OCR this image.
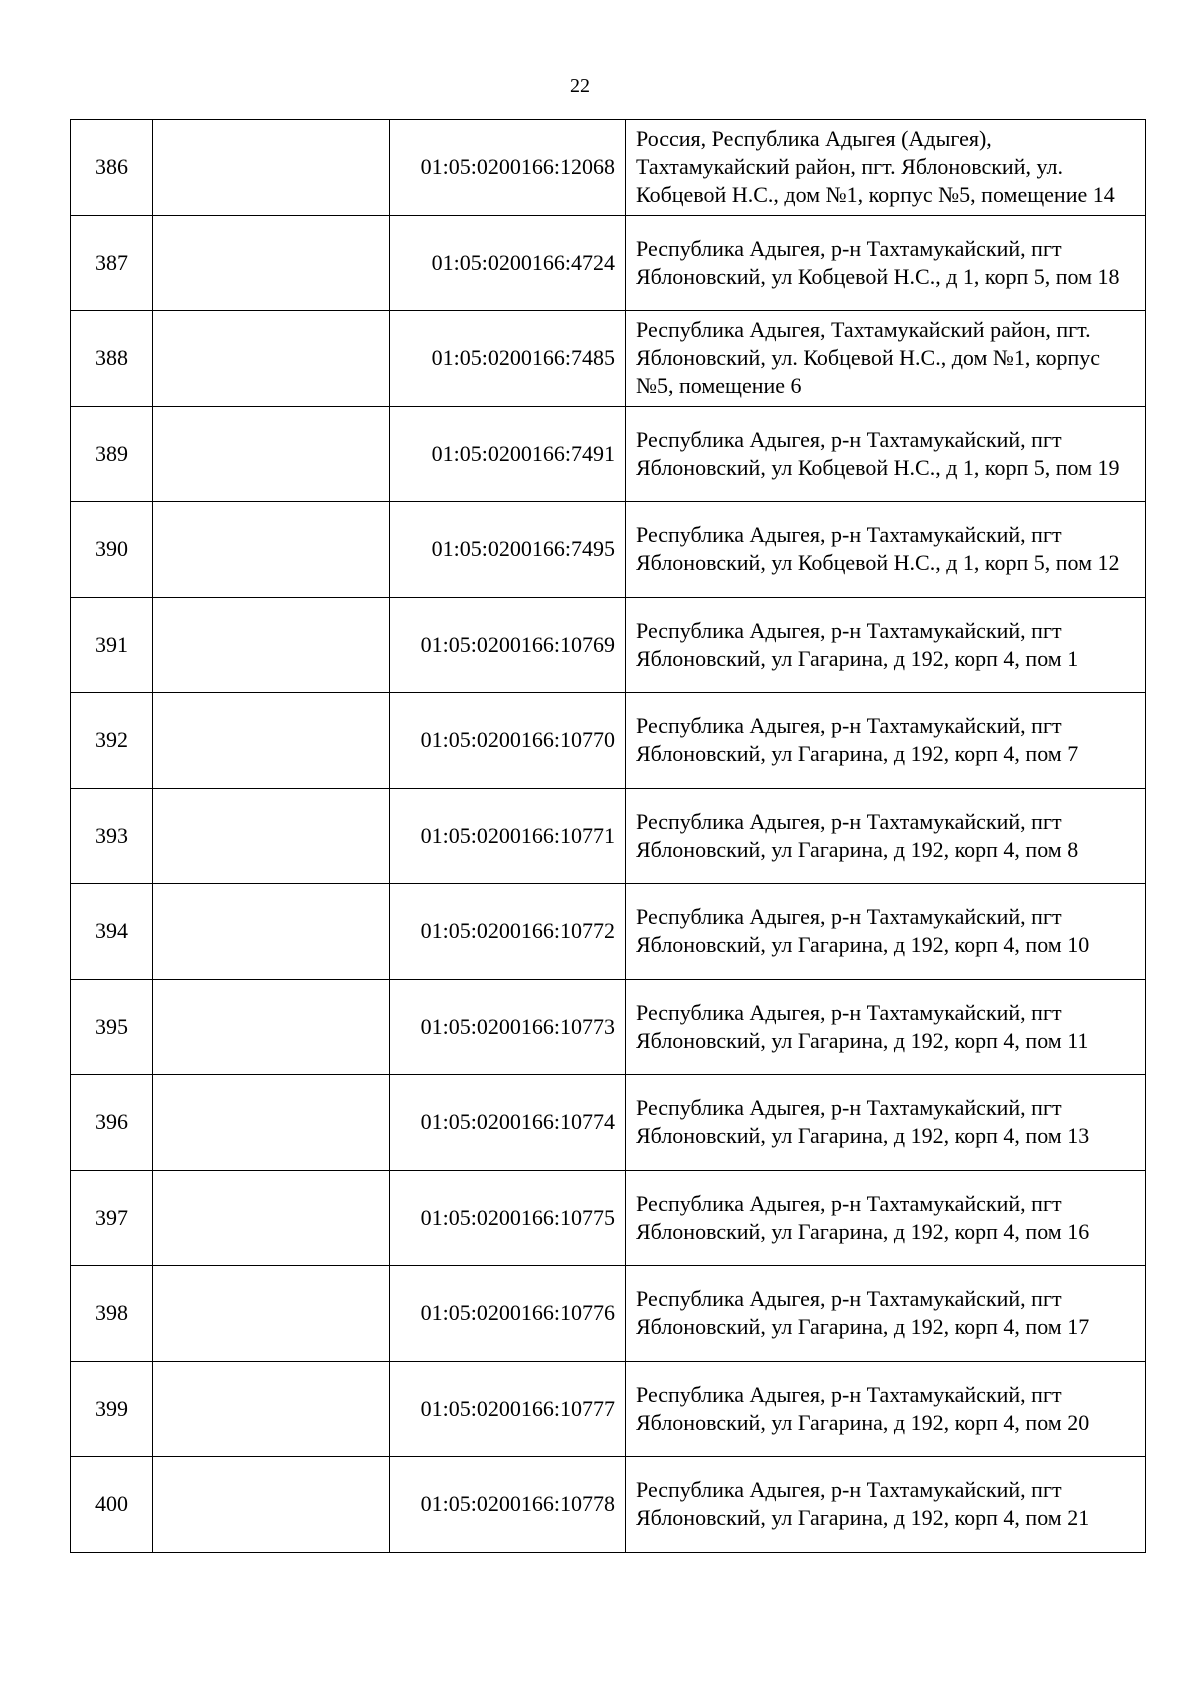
22
386		01:05:0200166:12068	Россия, Республика Адыгея (Адыгея), Тахтамукайский район, пгт. Яблоновский, ул. Кобцевой Н.С., дом №1, корпус №5, помещение 14
387		01:05:0200166:4724	Республика Адыгея, р-н Тахтамукайский, пгт Яблоновский, ул Кобцевой Н.С., д 1, корп 5, пом 18
388		01:05:0200166:7485	Республика Адыгея, Тахтамукайский район, пгт. Яблоновский, ул. Кобцевой Н.С., дом №1, корпус №5, помещение 6
389		01:05:0200166:7491	Республика Адыгея, р-н Тахтамукайский, пгт Яблоновский, ул Кобцевой Н.С., д 1, корп 5, пом 19
390		01:05:0200166:7495	Республика Адыгея, р-н Тахтамукайский, пгт Яблоновский, ул Кобцевой Н.С., д 1, корп 5, пом 12
391		01:05:0200166:10769	Республика Адыгея, р-н Тахтамукайский, пгт Яблоновский, ул Гагарина, д 192, корп 4, пом 1
392		01:05:0200166:10770	Республика Адыгея, р-н Тахтамукайский, пгт Яблоновский, ул Гагарина, д 192, корп 4, пом 7
393		01:05:0200166:10771	Республика Адыгея, р-н Тахтамукайский, пгт Яблоновский, ул Гагарина, д 192, корп 4, пом 8
394		01:05:0200166:10772	Республика Адыгея, р-н Тахтамукайский, пгт Яблоновский, ул Гагарина, д 192, корп 4, пом 10
395		01:05:0200166:10773	Республика Адыгея, р-н Тахтамукайский, пгт Яблоновский, ул Гагарина, д 192, корп 4, пом 11
396		01:05:0200166:10774	Республика Адыгея, р-н Тахтамукайский, пгт Яблоновский, ул Гагарина, д 192, корп 4, пом 13
397		01:05:0200166:10775	Республика Адыгея, р-н Тахтамукайский, пгт Яблоновский, ул Гагарина, д 192, корп 4, пом 16
398		01:05:0200166:10776	Республика Адыгея, р-н Тахтамукайский, пгт Яблоновский, ул Гагарина, д 192, корп 4, пом 17
399		01:05:0200166:10777	Республика Адыгея, р-н Тахтамукайский, пгт Яблоновский, ул Гагарина, д 192, корп 4, пом 20
400		01:05:0200166:10778	Республика Адыгея, р-н Тахтамукайский, пгт Яблоновский, ул Гагарина, д 192, корп 4, пом 21
